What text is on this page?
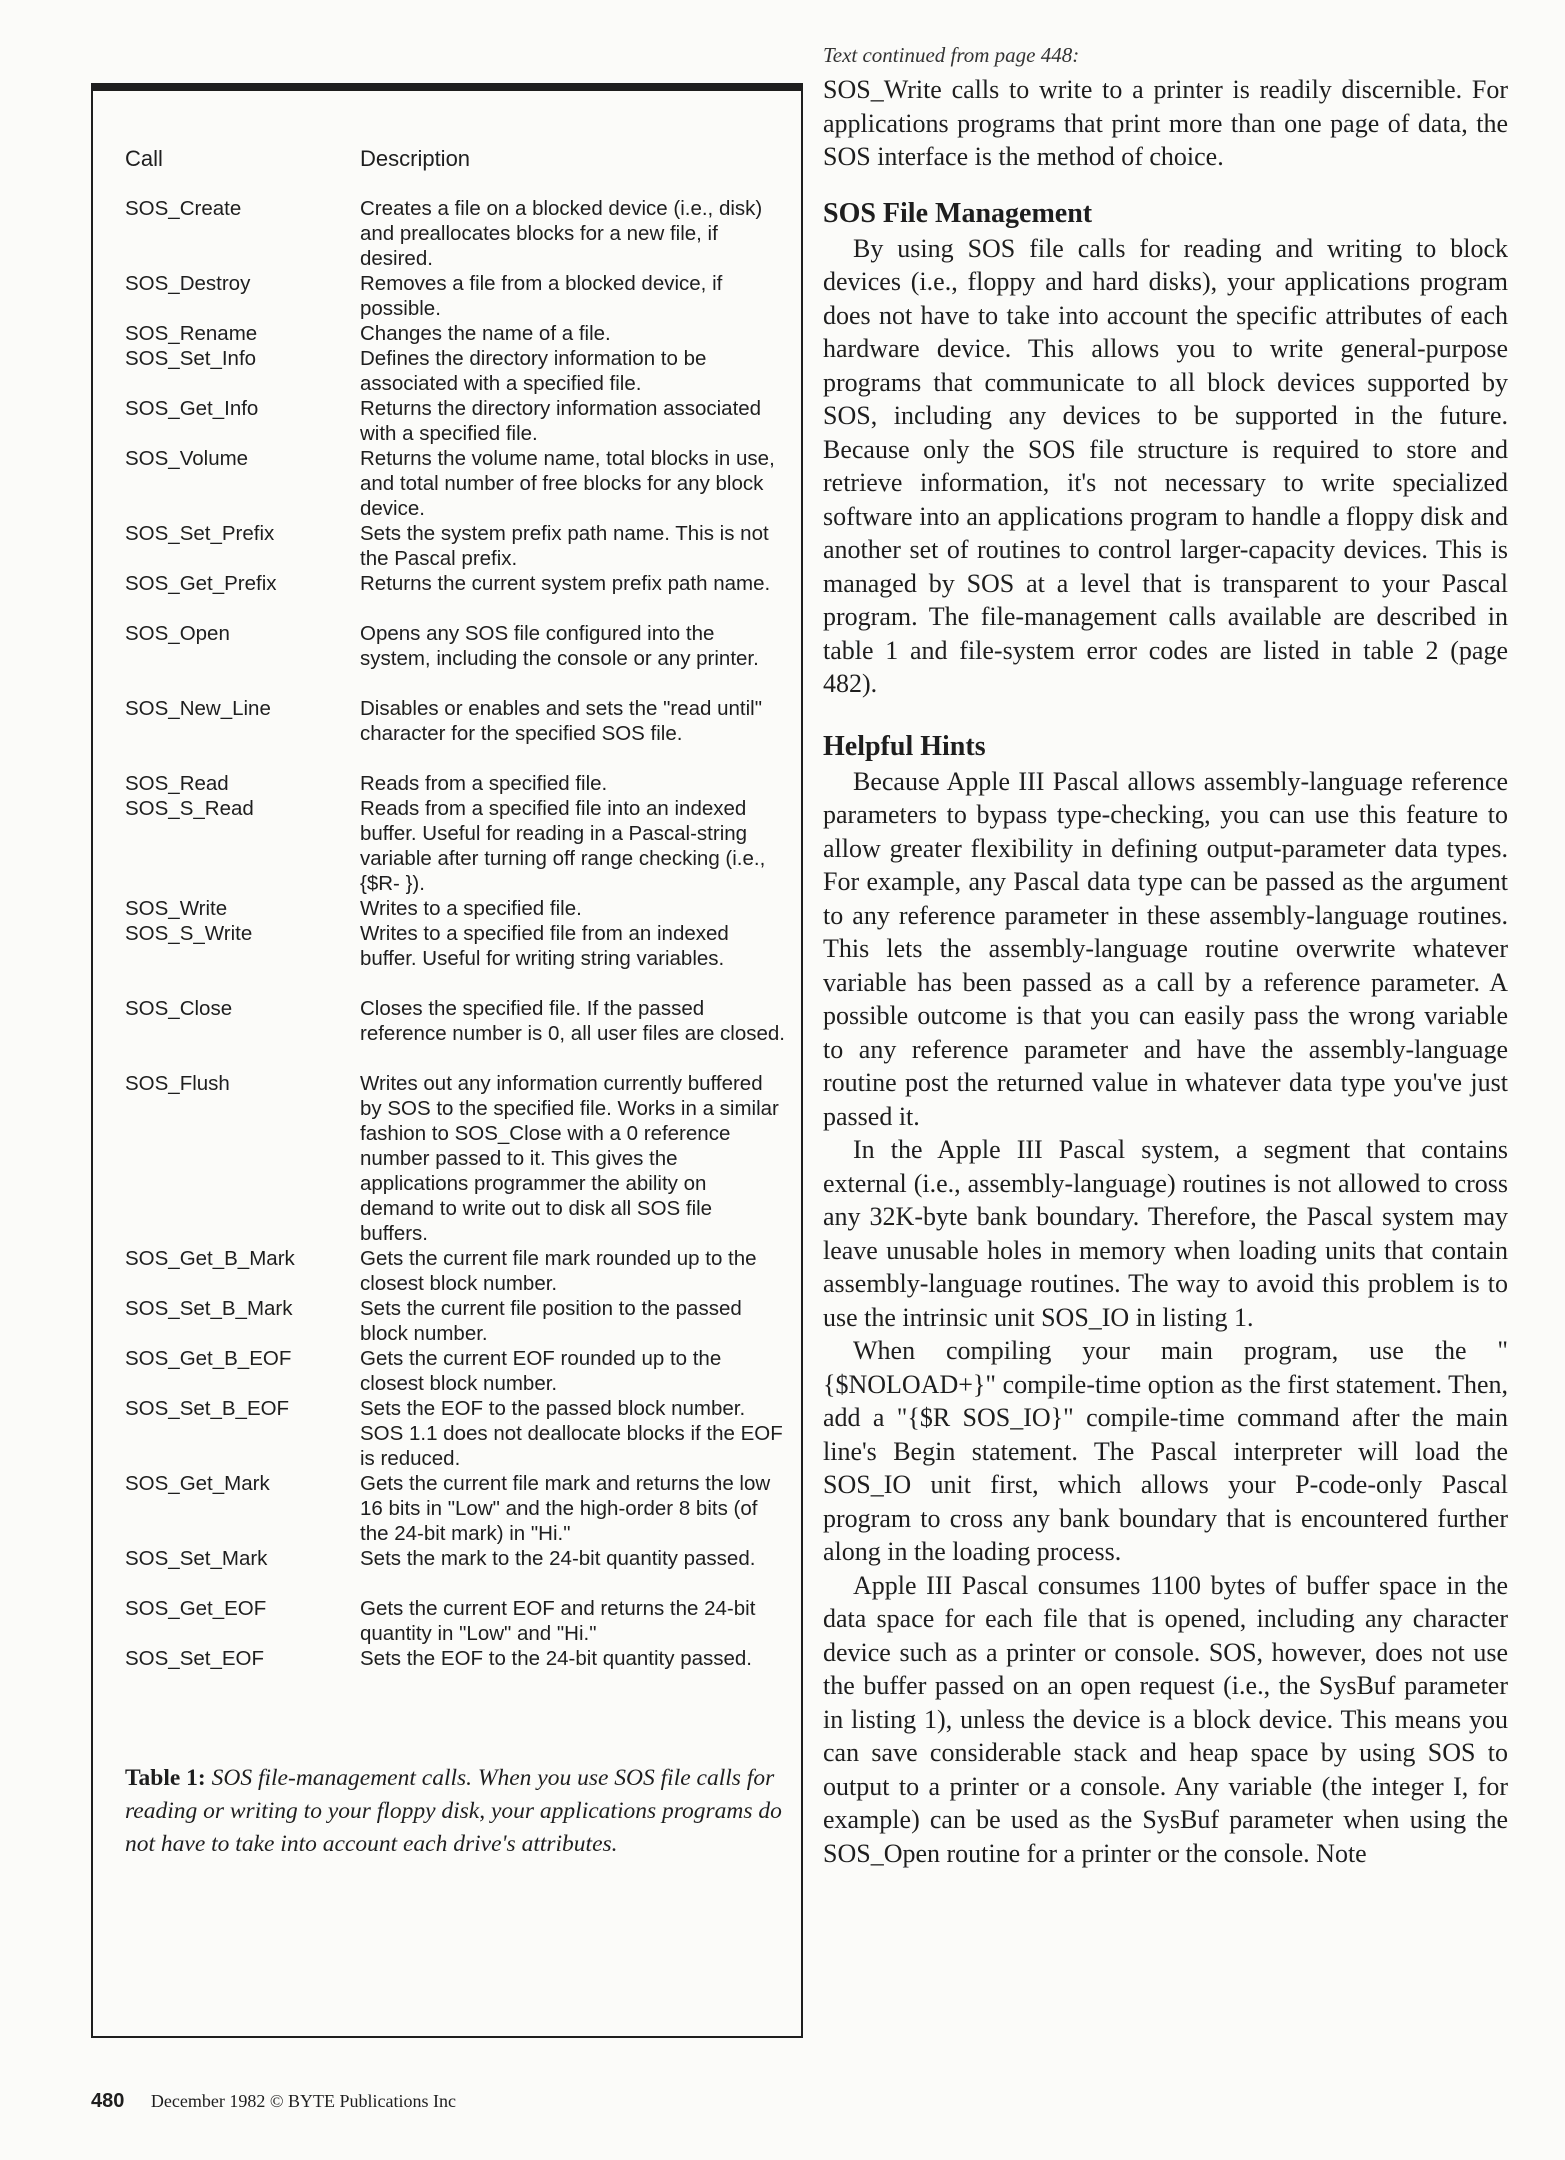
Call	Description
SOS_Create	Creates a file on a blocked device (i.e., disk) and preallocates blocks for a new file, if desired.
SOS_Destroy	Removes a file from a blocked device, if possible.
SOS_Rename	Changes the name of a file.
SOS_Set_Info	Defines the directory information to be associated with a specified file.
SOS_Get_Info	Returns the directory information associated with a specified file.
SOS_Volume	Returns the volume name, total blocks in use, and total number of free blocks for any block device.
SOS_Set_Prefix	Sets the system prefix path name. This is not the Pascal prefix.
SOS_Get_Prefix	Returns the current system prefix path name.
SOS_Open	Opens any SOS file configured into the system, including the console or any printer.
SOS_New_Line	Disables or enables and sets the "read until" character for the specified SOS file.
SOS_Read	Reads from a specified file.
SOS_S_Read	Reads from a specified file into an indexed buffer. Useful for reading in a Pascal-string variable after turning off range checking (i.e., {$R- }).
SOS_Write	Writes to a specified file.
SOS_S_Write	Writes to a specified file from an indexed buffer. Useful for writing string variables.
SOS_Close	Closes the specified file. If the passed reference number is 0, all user files are closed.
SOS_Flush	Writes out any information currently buffered by SOS to the specified file. Works in a similar fashion to SOS_Close with a 0 reference number passed to it. This gives the applications programmer the ability on demand to write out to disk all SOS file buffers.
SOS_Get_B_Mark	Gets the current file mark rounded up to the closest block number.
SOS_Set_B_Mark	Sets the current file position to the passed block number.
SOS_Get_B_EOF	Gets the current EOF rounded up to the closest block number.
SOS_Set_B_EOF	Sets the EOF to the passed block number. SOS 1.1 does not deallocate blocks if the EOF is reduced.
SOS_Get_Mark	Gets the current file mark and returns the low 16 bits in "Low" and the high-order 8 bits (of the 24-bit mark) in "Hi."
SOS_Set_Mark	Sets the mark to the 24-bit quantity passed.
SOS_Get_EOF	Gets the current EOF and returns the 24-bit quantity in "Low" and "Hi."
SOS_Set_EOF	Sets the EOF to the 24-bit quantity passed.
Table 1: SOS file-management calls. When you use SOS file calls for reading or writing to your floppy disk, your applications programs do not have to take into account each drive's attributes.
Text continued from page 448:

SOS_Write calls to write to a printer is readily discernible. For applications programs that print more than one page of data, the SOS interface is the method of choice.

SOS File Management

By using SOS file calls for reading and writing to block devices (i.e., floppy and hard disks), your applications program does not have to take into account the specific attributes of each hardware device. This allows you to write general-purpose programs that communicate to all block devices supported by SOS, including any devices to be supported in the future. Because only the SOS file structure is required to store and retrieve information, it's not necessary to write specialized software into an applications program to handle a floppy disk and another set of routines to control larger-capacity devices. This is managed by SOS at a level that is transparent to your Pascal program. The file-management calls available are described in table 1 and file-system error codes are listed in table 2 (page 482).

Helpful Hints

Because Apple III Pascal allows assembly-language reference parameters to bypass type-checking, you can use this feature to allow greater flexibility in defining output-parameter data types. For example, any Pascal data type can be passed as the argument to any reference parameter in these assembly-language routines. This lets the assembly-language routine overwrite whatever variable has been passed as a call by a reference parameter. A possible outcome is that you can easily pass the wrong variable to any reference parameter and have the assembly-language routine post the returned value in whatever data type you've just passed it.

In the Apple III Pascal system, a segment that contains external (i.e., assembly-language) routines is not allowed to cross any 32K-byte bank boundary. Therefore, the Pascal system may leave unusable holes in memory when loading units that contain assembly-language routines. The way to avoid this problem is to use the intrinsic unit SOS_IO in listing 1.

When compiling your main program, use the "{$NOLOAD+}" compile-time option as the first statement. Then, add a "{$R SOS_IO}" compile-time command after the main line's Begin statement. The Pascal interpreter will load the SOS_IO unit first, which allows your P-code-only Pascal program to cross any bank boundary that is encountered further along in the loading process.

Apple III Pascal consumes 1100 bytes of buffer space in the data space for each file that is opened, including any character device such as a printer or console. SOS, however, does not use the buffer passed on an open request (i.e., the SysBuf parameter in listing 1), unless the device is a block device. This means you can save considerable stack and heap space by using SOS to output to a printer or a console. Any variable (the integer I, for example) can be used as the SysBuf parameter when using the SOS_Open routine for a printer or the console. Note

480 December 1982 © BYTE Publications Inc
